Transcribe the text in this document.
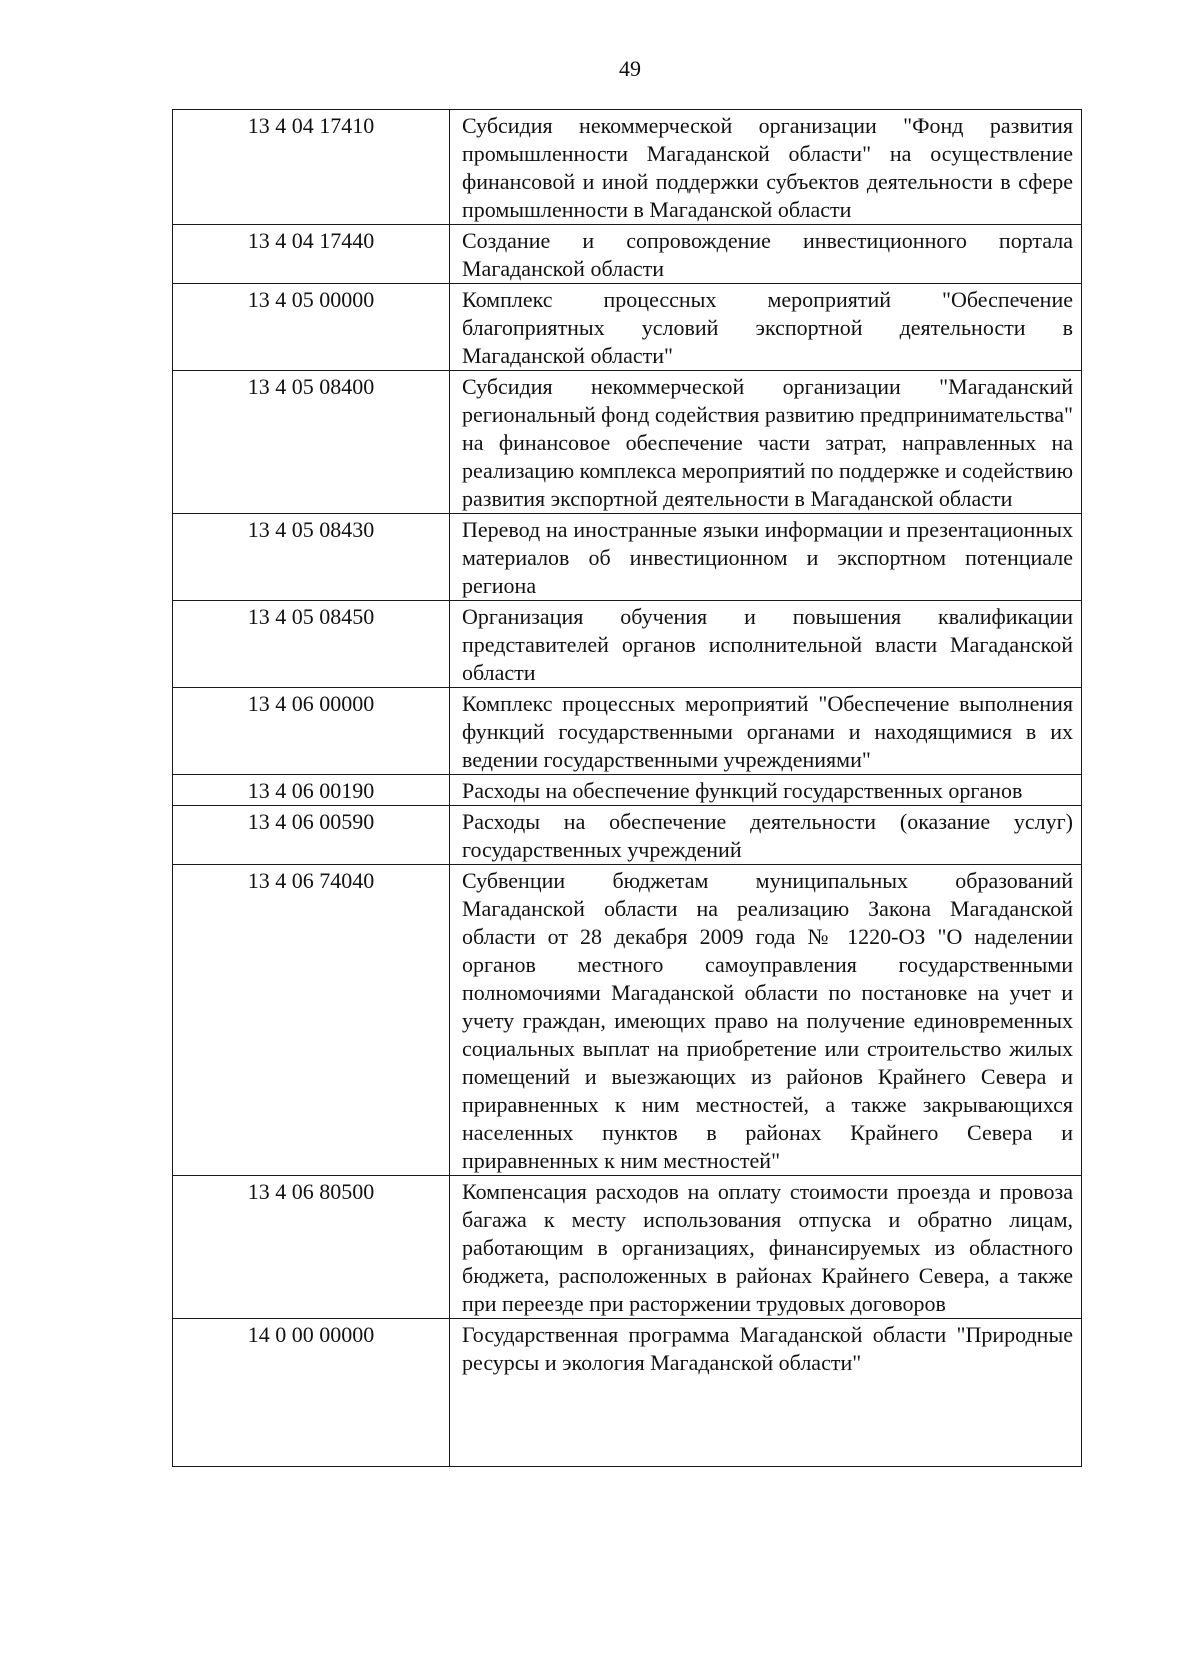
49
13 4 04 17410	Субсидия некоммерческой организации "Фонд развития промышленности Магаданской области" на осуществление финансовой и иной поддержки субъектов деятельности в сфере промышленности в Магаданской области
13 4 04 17440	Создание и сопровождение инвестиционного портала Магаданской области
13 4 05 00000	Комплекс процессных мероприятий "Обеспечение благоприятных условий экспортной деятельности в Магаданской области"
13 4 05 08400	Субсидия некоммерческой организации "Магаданский региональный фонд содействия развитию предпринимательства" на финансовое обеспечение части затрат, направленных на реализацию комплекса мероприятий по поддержке и содействию развития экспортной деятельности в Магаданской области
13 4 05 08430	Перевод на иностранные языки информации и презентационных материалов об инвестиционном и экспортном потенциале региона
13 4 05 08450	Организация обучения и повышения квалификации представителей органов исполнительной власти Магаданской области
13 4 06 00000	Комплекс процессных мероприятий "Обеспечение выполнения функций государственными органами и находящимися в их ведении государственными учреждениями"
13 4 06 00190	Расходы на обеспечение функций государственных органов
13 4 06 00590	Расходы на обеспечение деятельности (оказание услуг) государственных учреждений
13 4 06 74040	Субвенции бюджетам муниципальных образований Магаданской области на реализацию Закона Магаданской области от 28 декабря 2009 года № 1220-ОЗ "О наделении органов местного самоуправления государственными полномочиями Магаданской области по постановке на учет и учету граждан, имеющих право на получение единовременных социальных выплат на приобретение или строительство жилых помещений и выезжающих из районов Крайнего Севера и приравненных к ним местностей, а также закрывающихся населенных пунктов в районах Крайнего Севера и приравненных к ним местностей"
13 4 06 80500	Компенсация расходов на оплату стоимости проезда и провоза багажа к месту использования отпуска и обратно лицам, работающим в организациях, финансируемых из областного бюджета, расположенных в районах Крайнего Севера, а также при переезде при расторжении трудовых договоров
14 0 00 00000	Государственная программа Магаданской области "Природные ресурсы и экология Магаданской области"
